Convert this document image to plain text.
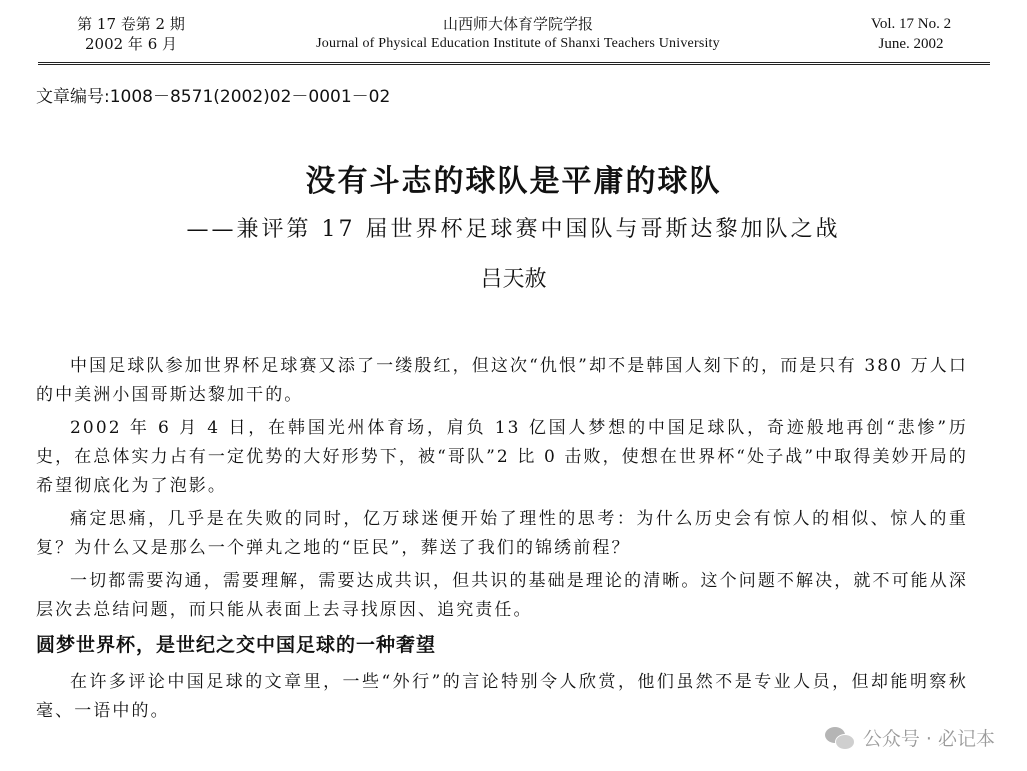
第 17 卷第 2 期
2002 年 6 月
山西师大体育学院学报
Journal of Physical Education Institute of Shanxi Teachers University
Vol. 17 No. 2
June. 2002
文章编号:1008－8571(2002)02－0001－02
没有斗志的球队是平庸的球队
——兼评第 17 届世界杯足球赛中国队与哥斯达黎加队之战
吕天赦

中国足球队参加世界杯足球赛又添了一缕殷红，但这次“仇恨”却不是韩国人刻下的，而是只有 380 万人口的中美洲小国哥斯达黎加干的。

2002 年 6 月 4 日，在韩国光州体育场，肩负 13 亿国人梦想的中国足球队，奇迹般地再创“悲惨”历史，在总体实力占有一定优势的大好形势下，被“哥队”2 比 0 击败，使想在世界杯“处子战”中取得美妙开局的希望彻底化为了泡影。

痛定思痛，几乎是在失败的同时，亿万球迷便开始了理性的思考：为什么历史会有惊人的相似、惊人的重复？为什么又是那么一个弹丸之地的“臣民”，葬送了我们的锦绣前程？

一切都需要沟通，需要理解，需要达成共识，但共识的基础是理论的清晰。这个问题不解决，就不可能从深层次去总结问题，而只能从表面上去寻找原因、追究责任。

圆梦世界杯，是世纪之交中国足球的一种奢望

在许多评论中国足球的文章里，一些“外行”的言论特别令人欣赏，他们虽然不是专业人员，但却能明察秋毫、一语中的。

公众号 · 必记本
